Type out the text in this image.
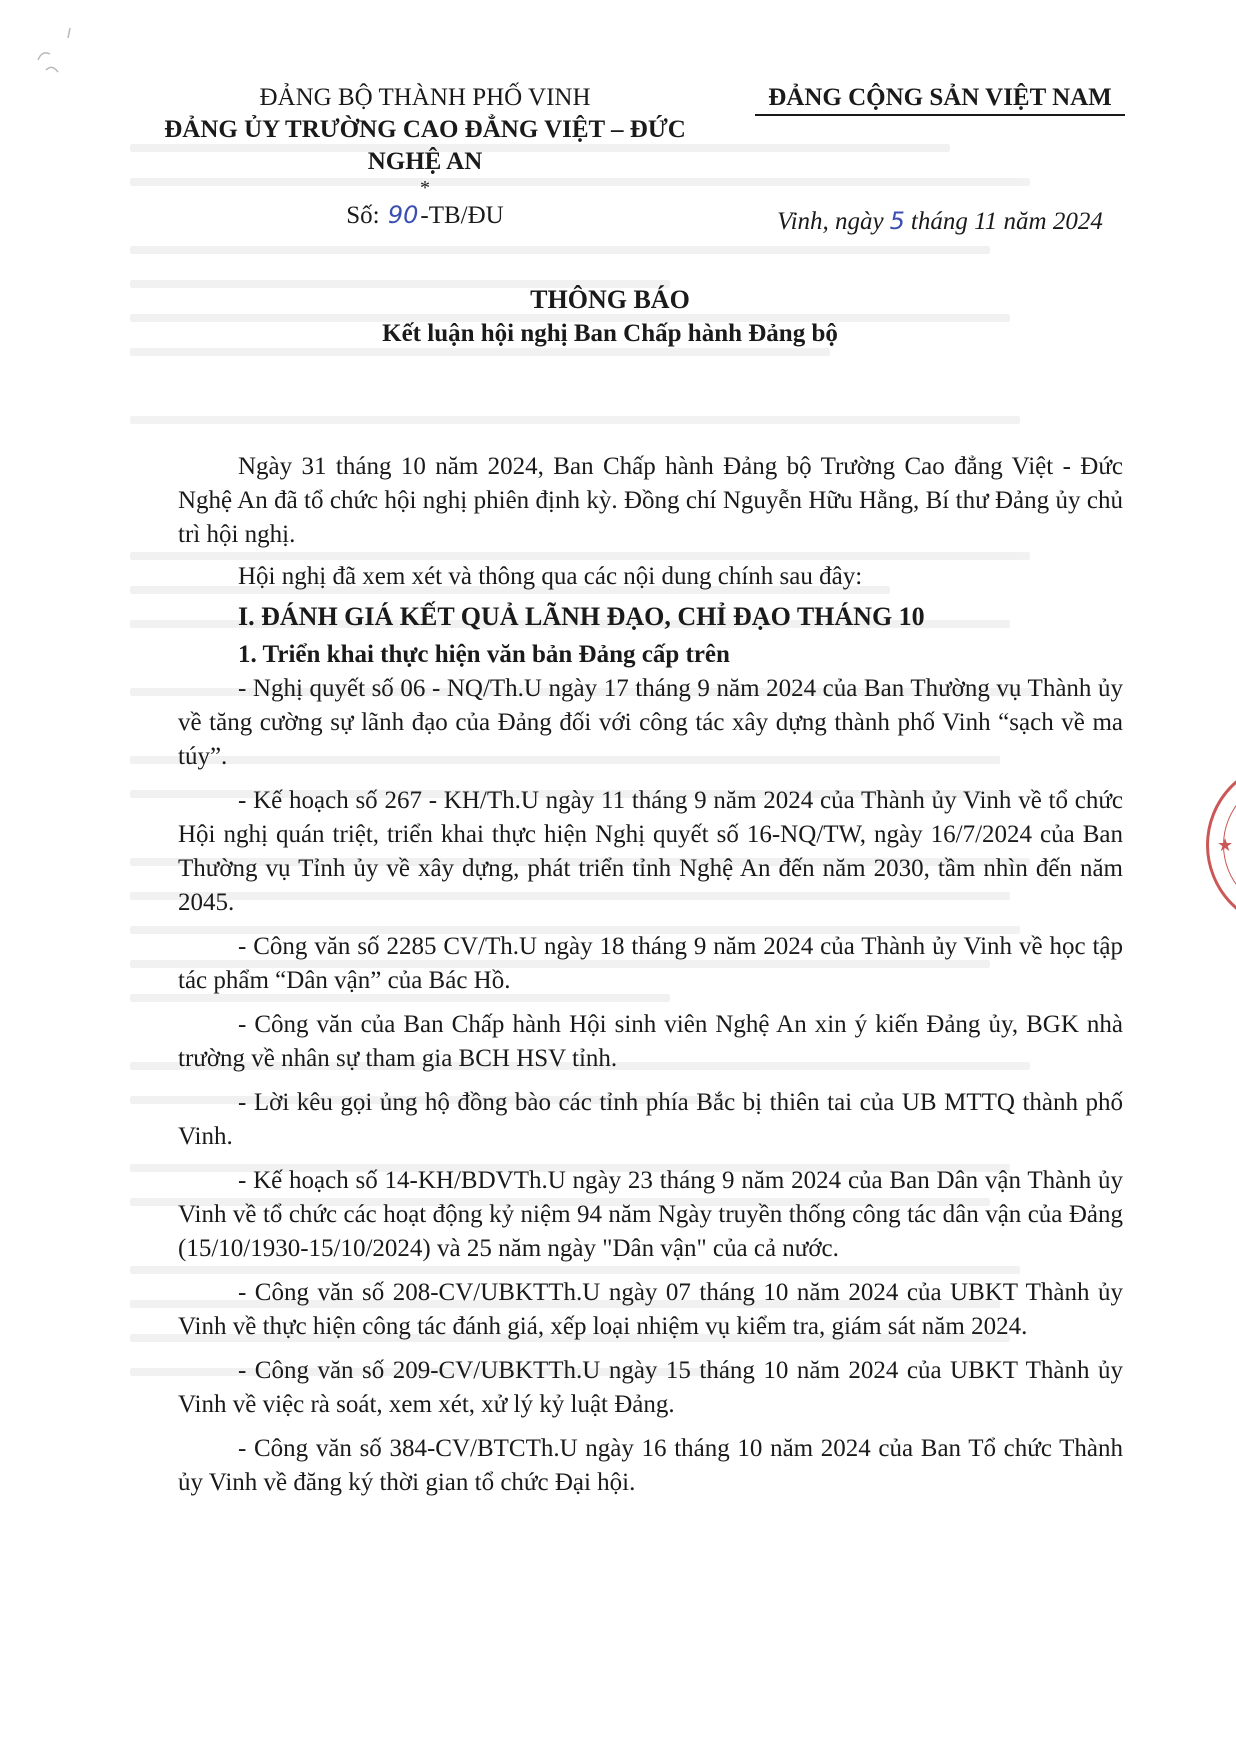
ĐẢNG BỘ THÀNH PHỐ VINH
ĐẢNG ỦY TRƯỜNG CAO ĐẲNG VIỆT – ĐỨC
NGHỆ AN
*
Số: 90-TB/ĐU
ĐẢNG CỘNG SẢN VIỆT NAM
Vinh, ngày 5 tháng 11 năm 2024
THÔNG BÁO
Kết luận hội nghị Ban Chấp hành Đảng bộ

Ngày 31 tháng 10 năm 2024, Ban Chấp hành Đảng bộ Trường Cao đẳng Việt - Đức Nghệ An đã tổ chức hội nghị phiên định kỳ. Đồng chí Nguyễn Hữu Hằng, Bí thư Đảng ủy chủ trì hội nghị.

Hội nghị đã xem xét và thông qua các nội dung chính sau đây:

I. ĐÁNH GIÁ KẾT QUẢ LÃNH ĐẠO, CHỈ ĐẠO THÁNG 10

1. Triển khai thực hiện văn bản Đảng cấp trên

- Nghị quyết số 06 - NQ/Th.U ngày 17 tháng 9 năm 2024 của Ban Thường vụ Thành ủy về tăng cường sự lãnh đạo của Đảng đối với công tác xây dựng thành phố Vinh “sạch về ma túy”.

- Kế hoạch số 267 - KH/Th.U ngày 11 tháng 9 năm 2024 của Thành ủy Vinh về tổ chức Hội nghị quán triệt, triển khai thực hiện Nghị quyết số 16-NQ/TW, ngày 16/7/2024 của Ban Thường vụ Tỉnh ủy về xây dựng, phát triển tỉnh Nghệ An đến năm 2030, tầm nhìn đến năm 2045.

- Công văn số 2285 CV/Th.U ngày 18 tháng 9 năm 2024 của Thành ủy Vinh về học tập tác phẩm “Dân vận” của Bác Hồ.

- Công văn của Ban Chấp hành Hội sinh viên Nghệ An xin ý kiến Đảng ủy, BGK nhà trường về nhân sự tham gia BCH HSV tỉnh.

- Lời kêu gọi ủng hộ đồng bào các tỉnh phía Bắc bị thiên tai của UB MTTQ thành phố Vinh.

- Kế hoạch số 14-KH/BDVTh.U ngày 23 tháng 9 năm 2024 của Ban Dân vận Thành ủy Vinh về tổ chức các hoạt động kỷ niệm 94 năm Ngày truyền thống công tác dân vận của Đảng (15/10/1930-15/10/2024) và 25 năm ngày "Dân vận" của cả nước.

- Công văn số 208-CV/UBKTTh.U ngày 07 tháng 10 năm 2024 của UBKT Thành ủy Vinh về thực hiện công tác đánh giá, xếp loại nhiệm vụ kiểm tra, giám sát năm 2024.

- Công văn số 209-CV/UBKTTh.U ngày 15 tháng 10 năm 2024 của UBKT Thành ủy Vinh về việc rà soát, xem xét, xử lý kỷ luật Đảng.

- Công văn số 384-CV/BTCTh.U ngày 16 tháng 10 năm 2024 của Ban Tổ chức Thành ủy Vinh về đăng ký thời gian tổ chức Đại hội.

★
